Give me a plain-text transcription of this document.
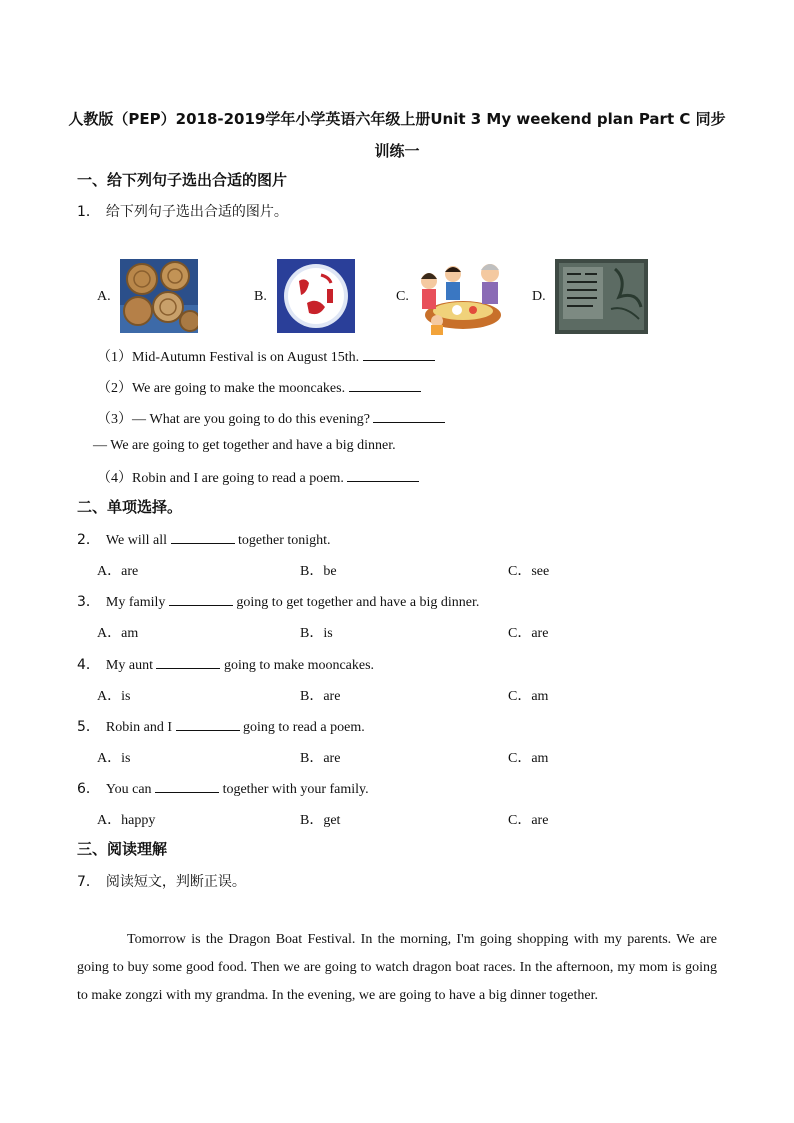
人教版（PEP）2018-2019学年小学英语六年级上册Unit 3 My weekend plan Part C 同步
训练一
一、给下列句子选出合适的图片
1． 给下列句子选出合适的图片。
A.	B.	C.	D.
（1）Mid-Autumn Festival is on August 15th.
（2）We are going to make the mooncakes.
（3）— What are you going to do this evening?
— We are going to get together and have a big dinner.
（4）Robin and I are going to read a poem.
二、单项选择。
2． We will all	together tonight.
A．are	B．be	C．see
3． My family	going to get together and have a big dinner.
A．am	B．is	C．are
4． My aunt	going to make mooncakes.
A．is	B．are	C．am
5． Robin and I	going to read a poem.
A．is	B．are	C．am
6． You can	together with your family.
A．happy	B．get	C．are
三、阅读理解
7． 阅读短文，判断正误。

Tomorrow is the Dragon Boat Festival. In the morning, I'm going shopping with my parents. We are going to buy some good food. Then we are going to watch dragon boat races. In the afternoon, my mom is going to make zongzi with my grandma. In the evening, we are going to have a big dinner together.
